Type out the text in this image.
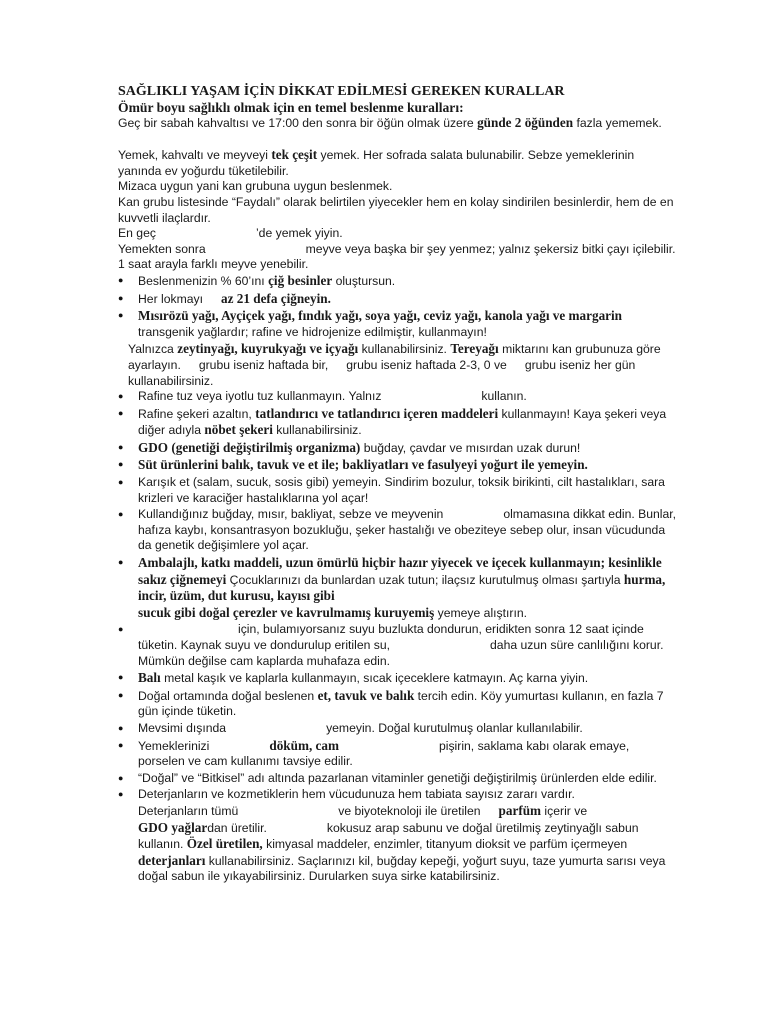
SAĞLIKLI YAŞAM İÇİN DİKKAT EDİLMESİ GEREKEN KURALLAR

Ömür boyu sağlıklı olmak için en temel beslenme kuralları:

Geç bir sabah kahvaltısı ve 17:00 den sonra bir öğün olmak üzere günde 2 öğünden fazla yememek.

Yemek, kahvaltı ve meyveyi tek çeşit yemek. Her sofrada salata bulunabilir. Sebze yemeklerinin yanında ev yoğurdu tüketilebilir.

Mizaca uygun yani kan grubuna uygun beslenmek.

Kan grubu listesinde “Faydalı” olarak belirtilen yiyecekler hem en kolay sindirilen besinlerdir, hem de en kuvvetli ilaçlardır.

En geç	’de yemek yiyin.

Yemekten sonra	meyve veya başka bir şey yenmez; yalnız şekersiz bitki çayı içilebilir. 1 saat arayla farklı meyve yenebilir.

● Beslenmenizin % 60’ını çiğ besinler oluştursun.
● Her lokmayı az 21 defa çiğneyin.
● Mısırözü yağı, Ayçiçek yağı, fındık yağı, soya yağı, ceviz yağı, kanola yağı ve margarin transgenik yağlardır; rafine ve hidrojenize edilmiştir, kullanmayın!

Yalnızca zeytinyağı, kuyrukyağı ve içyağı kullanabilirsiniz. Tereyağı miktarını kan grubunuza göre ayarlayın. grubu iseniz haftada bir, grubu iseniz haftada 2-3, 0 ve grubu iseniz her gün kullanabilirsiniz.

● Rafine tuz veya iyotlu tuz kullanmayın. Yalnız	kullanın.
● Rafine şekeri azaltın, tatlandırıcı ve tatlandırıcı içeren maddeleri kullanmayın! Kaya şekeri veya diğer adıyla nöbet şekeri kullanabilirsiniz.
● GDO (genetiği değiştirilmiş organizma) buğday, çavdar ve mısırdan uzak durun!
● Süt ürünlerini balık, tavuk ve et ile; bakliyatları ve fasulyeyi yoğurt ile yemeyin.
● Karışık et (salam, sucuk, sosis gibi) yemeyin. Sindirim bozulur, toksik birikinti, cilt hastalıkları, sara krizleri ve karaciğer hastalıklarına yol açar!
● Kullandığınız buğday, mısır, bakliyat, sebze ve meyvenin	olmamasına dikkat edin. Bunlar, hafıza kaybı, konsantrasyon bozukluğu, şeker hastalığı ve obeziteye sebep olur, insan vücudunda da genetik değişimlere yol açar.
● Ambalajlı, katkı maddeli, uzun ömürlü hiçbir hazır yiyecek ve içecek kullanmayın; kesinlikle sakız çiğnemeyi Çocuklarınızı da bunlardan uzak tutun; ilaçsız kurutulmuş olması şartıyla hurma, incir, üzüm, dut kurusu, kayısı gibi
sucuk gibi doğal çerezler ve kavrulmamış kuruyemiş yemeye alıştırın.
●	için, bulamıyorsanız suyu buzlukta dondurun, eridikten sonra 12 saat içinde tüketin. Kaynak suyu ve dondurulup eritilen su,	daha uzun süre canlılığını korur. Mümkün değilse cam kaplarda muhafaza edin.
● Balı metal kaşık ve kaplarla kullanmayın, sıcak içeceklere katmayın. Aç karna yiyin.
● Doğal ortamında doğal beslenen et, tavuk ve balık tercih edin. Köy yumurtası kullanın, en fazla 7 gün içinde tüketin.
● Mevsimi dışında	yemeyin. Doğal kurutulmuş olanlar kullanılabilir.
● Yemeklerinizi	döküm, cam	pişirin, saklama kabı olarak emaye, porselen ve cam kullanımı tavsiye edilir.
● “Doğal” ve “Bitkisel” adı altında pazarlanan vitaminler genetiği değiştirilmiş ürünlerden elde edilir.
● Deterjanların ve kozmetiklerin hem vücudunuza hem tabiata sayısız zararı vardır.
Deterjanların tümü	ve biyoteknoloji ile üretilen parfüm içerir ve
GDO yağlardan üretilir.	kokusuz arap sabunu ve doğal üretilmiş zeytinyağlı sabun kullanın. Özel üretilen, kimyasal maddeler, enzimler, titanyum dioksit ve parfüm içermeyen deterjanları kullanabilirsiniz. Saçlarınızı kil, buğday kepeği, yoğurt suyu, taze yumurta sarısı veya doğal sabun ile yıkayabilirsiniz. Durularken suya sirke katabilirsiniz.
